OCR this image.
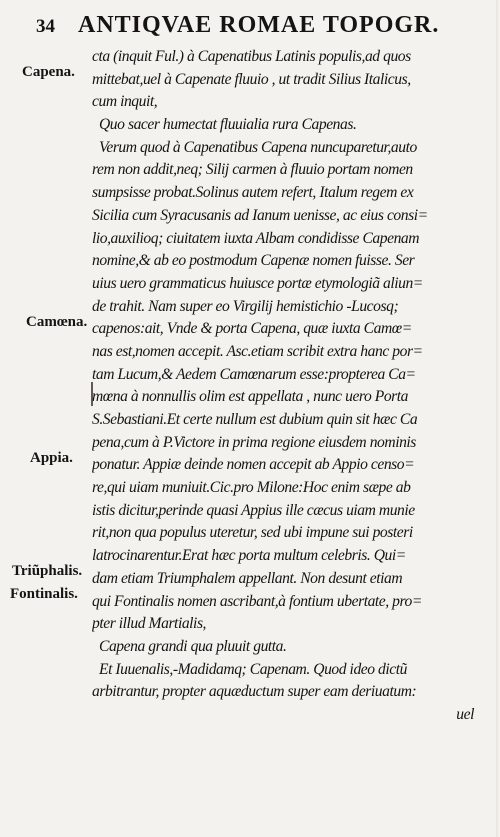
34 ANTIQVAE ROMAE TOPOGR.
Capena.
Camœna.
Appia.
Triũphalis.
Fontinalis.
cta (inquit Ful.) à Capenatibus Latinis populis,ad quos
mittebat,uel à Capenate fluuio , ut tradit Silius Italicus,
cum inquit,
Quo sacer humectat fluuialia rura Capenas.
Verum quod à Capenatibus Capena nuncuparetur,auto
rem non addit,neq; Silij carmen à fluuio portam nomen
sumpsisse probat.Solinus autem refert, Italum regem ex
Sicilia cum Syracusanis ad Ianum uenisse, ac eius consi=
lio,auxilioq; ciuitatem iuxta Albam condidisse Capenam
nomine,& ab eo postmodum Capenæ nomen fuisse. Ser
uius uero grammaticus huiusce portæ etymologiã aliun=
de trahit. Nam super eo Virgilij hemistichio -Lucosq;
capenos:ait, Vnde & porta Capena, quæ iuxta Camœ=
nas est,nomen accepit. Asc.etiam scribit extra hanc por=
tam Lucum,& Aedem Camœnarum esse:propterea Ca=
mœna à nonnullis olim est appellata , nunc uero Porta
S.Sebastiani.Et certe nullum est dubium quin sit hæc Ca
pena,cum à P.Victore in prima regione eiusdem nominis
ponatur. Appiæ deinde nomen accepit ab Appio censo=
re,qui uiam muniuit.Cic.pro Milone:Hoc enim sæpe ab
istis dicitur,perinde quasi Appius ille cæcus uiam munie
rit,non qua populus uteretur, sed ubi impune sui posteri
latrocinarentur.Erat hæc porta multum celebris. Qui=
dam etiam Triumphalem appellant. Non desunt etiam
qui Fontinalis nomen ascribant,à fontium ubertate, pro=
pter illud Martialis,
Capena grandi qua pluuit gutta.
Et Iuuenalis,-Madidamq; Capenam. Quod ideo dictũ
arbitrantur, propter aquæductum super eam deriuatum:
uel
